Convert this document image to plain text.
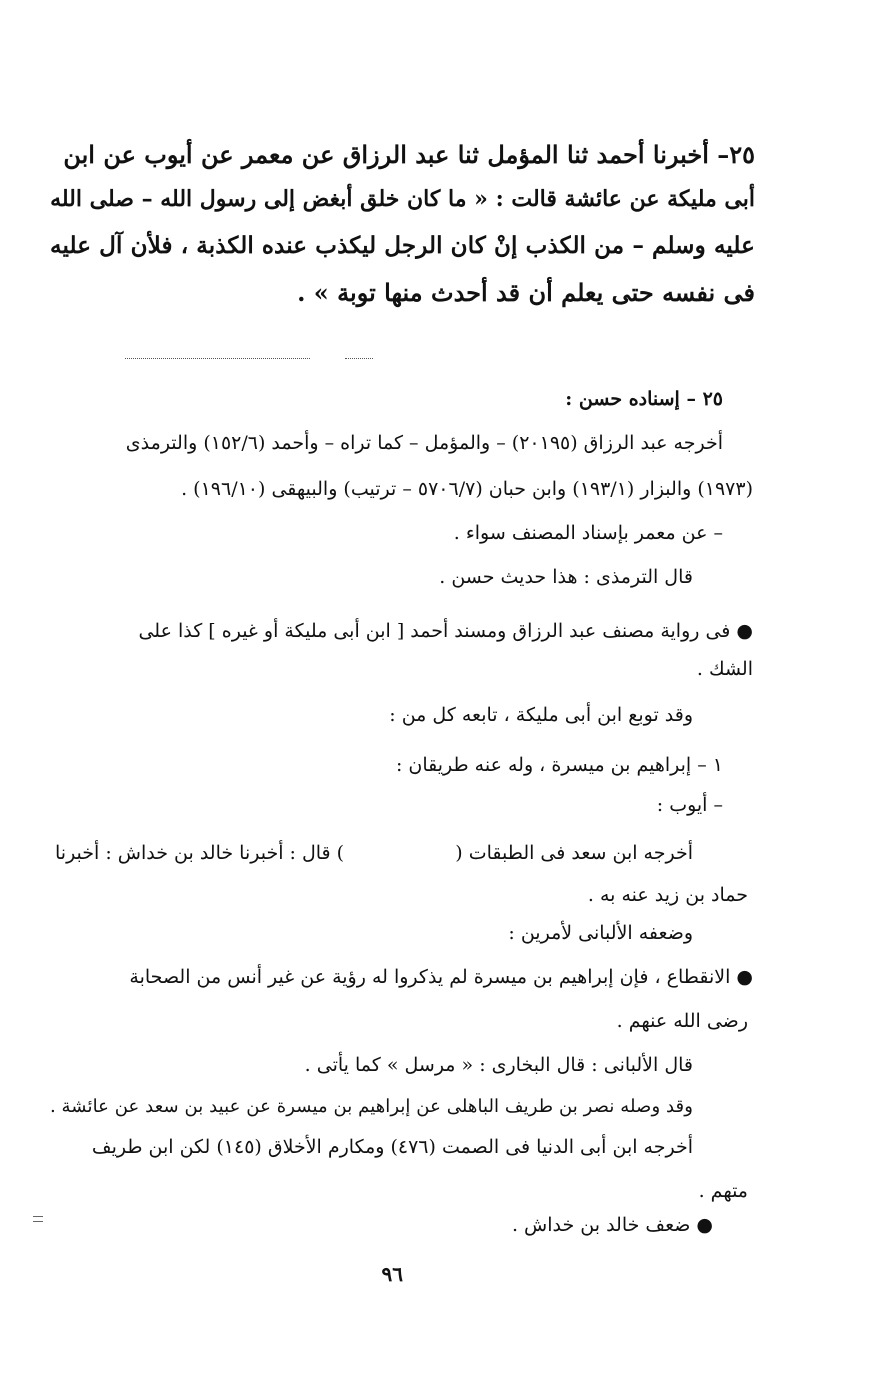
٢٥– أخبرنا أحمد ثنا المؤمل ثنا عبد الرزاق عن معمر عن أيوب عن ابن
أبى مليكة عن عائشة قالت : « ما كان خلق أبغض إلى رسول الله – صلى الله
عليه وسلم – من الكذب إنْ كان الرجل ليكذب عنده الكذبة ، فلأن آل عليه
فى نفسه حتى يعلم أن قد أحدث منها توبة » .
٢٥ – إسناده حسن :
أخرجه عبد الرزاق (٢٠١٩٥) – والمؤمل – كما تراه – وأحمد (١٥٢/٦) والترمذى
(١٩٧٣) والبزار (١٩٣/١) وابن حبان (٥٧٠٦/٧ – ترتيب) والبيهقى (١٩٦/١٠) .
– عن معمر بإسناد المصنف سواء .
قال الترمذى : هذا حديث حسن .
● فى رواية مصنف عبد الرزاق ومسند أحمد [ ابن أبى مليكة أو غيره ] كذا على
الشك .
وقد توبع ابن أبى مليكة ، تابعه كل من :
١ – إبراهيم بن ميسرة ، وله عنه طريقان :
– أيوب :
أخرجه ابن سعد فى الطبقات (
) قال : أخبرنا خالد بن خداش : أخبرنا
حماد بن زيد عنه به .
وضعفه الألبانى لأمرين :
● الانقطاع ، فإن إبراهيم بن ميسرة لم يذكروا له رؤية عن غير أنس من الصحابة
رضى الله عنهم .
قال الألبانى : قال البخارى : « مرسل » كما يأتى .
وقد وصله نصر بن طريف الباهلى عن إبراهيم بن ميسرة عن عبيد بن سعد عن عائشة .
أخرجه ابن أبى الدنيا فى الصمت (٤٧٦) ومكارم الأخلاق (١٤٥) لكن ابن طريف
متهم .
● ضعف خالد بن خداش .
٩٦
